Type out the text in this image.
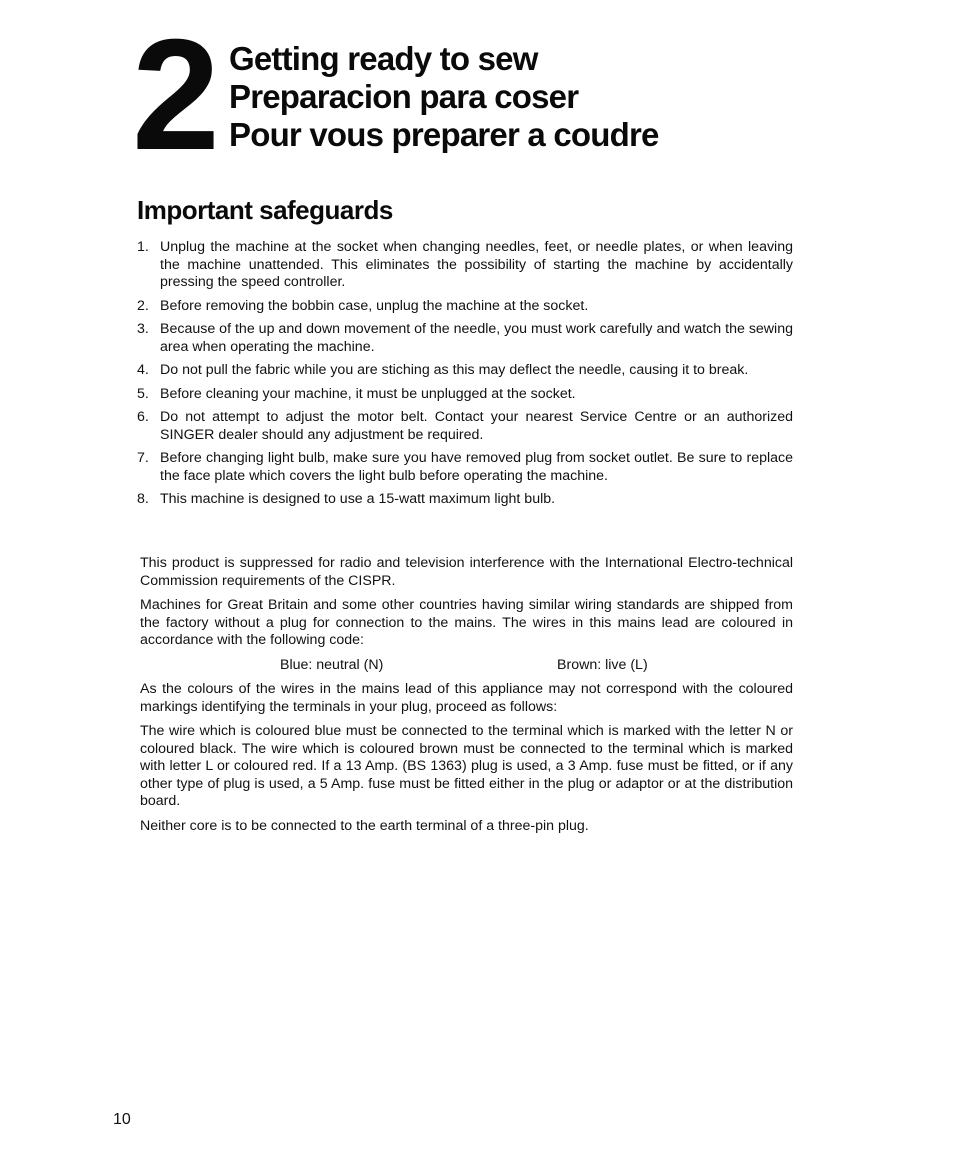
2 Getting ready to sew
Preparacion para coser
Pour vous preparer a coudre
Important safeguards
1. Unplug the machine at the socket when changing needles, feet, or needle plates, or when leaving the machine unattended. This eliminates the possibility of starting the machine by accidentally pressing the speed controller.
2. Before removing the bobbin case, unplug the machine at the socket.
3. Because of the up and down movement of the needle, you must work carefully and watch the sewing area when operating the machine.
4. Do not pull the fabric while you are stiching as this may deflect the needle, causing it to break.
5. Before cleaning your machine, it must be unplugged at the socket.
6. Do not attempt to adjust the motor belt. Contact your nearest Service Centre or an authorized SINGER dealer should any adjustment be required.
7. Before changing light bulb, make sure you have removed plug from socket outlet. Be sure to replace the face plate which covers the light bulb before operating the machine.
8. This machine is designed to use a 15-watt maximum light bulb.

This product is suppressed for radio and television interference with the International Electro-technical Commission requirements of the CISPR.

Machines for Great Britain and some other countries having similar wiring standards are shipped from the factory without a plug for connection to the mains. The wires in this mains lead are coloured in accordance with the following code:

Blue: neutral (N)	Brown: live (L)

As the colours of the wires in the mains lead of this appliance may not correspond with the coloured markings identifying the terminals in your plug, proceed as follows:

The wire which is coloured blue must be connected to the terminal which is marked with the letter N or coloured black. The wire which is coloured brown must be connected to the terminal which is marked with letter L or coloured red. If a 13 Amp. (BS 1363) plug is used, a 3 Amp. fuse must be fitted, or if any other type of plug is used, a 5 Amp. fuse must be fitted either in the plug or adaptor or at the distribution board.

Neither core is to be connected to the earth terminal of a three-pin plug.

10
